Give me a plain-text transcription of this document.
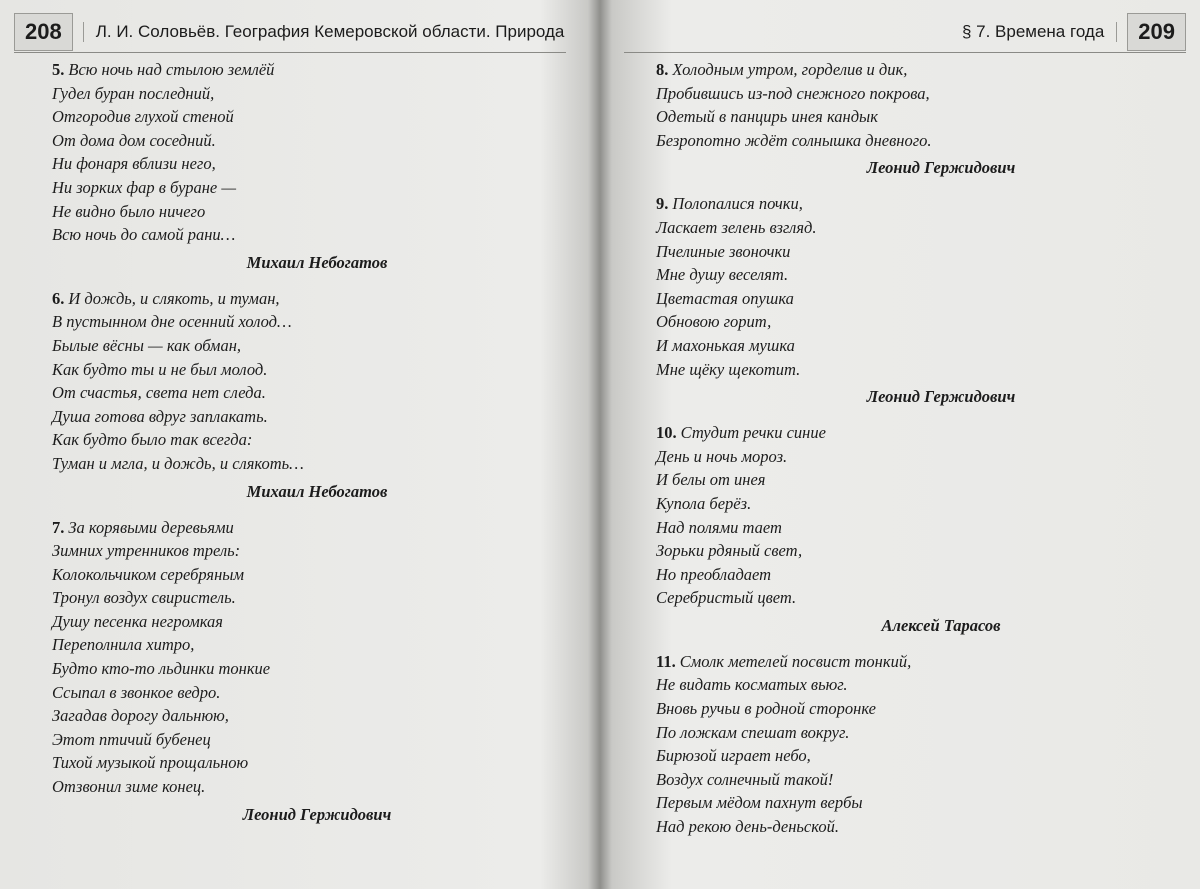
208	Л. И. Соловьёв. География Кемеровской области. Природа
5. Всю ночь над стылою землёй
Гудел буран последний,
Отгородив глухой стеной
От дома дом соседний.
Ни фонаря вблизи него,
Ни зорких фар в буране —
Не видно было ничего
Всю ночь до самой рани…
Михаил Небогатов
6. И дождь, и слякоть, и туман,
В пустынном дне осенний холод…
Былые вёсны — как обман,
Как будто ты и не был молод.
От счастья, света нет следа.
Душа готова вдруг заплакать.
Как будто было так всегда:
Туман и мгла, и дождь, и слякоть…
Михаил Небогатов
7. За корявыми деревьями
Зимних утренников трель:
Колокольчиком серебряным
Тронул воздух свиристель.
Душу песенка негромкая
Переполнила хитро,
Будто кто-то льдинки тонкие
Ссыпал в звонкое ведро.
Загадав дорогу дальнюю,
Этот птичий бубенец
Тихой музыкой прощальною
Отзвонил зиме конец.
Леонид Гержидович
§ 7. Времена года	209
8. Холодным утром, горделив и дик,
Пробившись из-под снежного покрова,
Одетый в панцирь инея кандык
Безропотно ждёт солнышка дневного.
Леонид Гержидович
9. Полопалися почки,
Ласкает зелень взгляд.
Пчелиные звоночки
Мне душу веселят.
Цветастая опушка
Обновою горит,
И махонькая мушка
Мне щёку щекотит.
Леонид Гержидович
10. Студит речки синие
День и ночь мороз.
И белы от инея
Купола берёз.
Над полями тает
Зорьки рдяный свет,
Но преобладает
Серебристый цвет.
Алексей Тарасов
11. Смолк метелей посвист тонкий,
Не видать косматых вьюг.
Вновь ручьи в родной сторонке
По ложкам спешат вокруг.
Бирюзой играет небо,
Воздух солнечный такой!
Первым мёдом пахнут вербы
Над рекою день-деньской.
